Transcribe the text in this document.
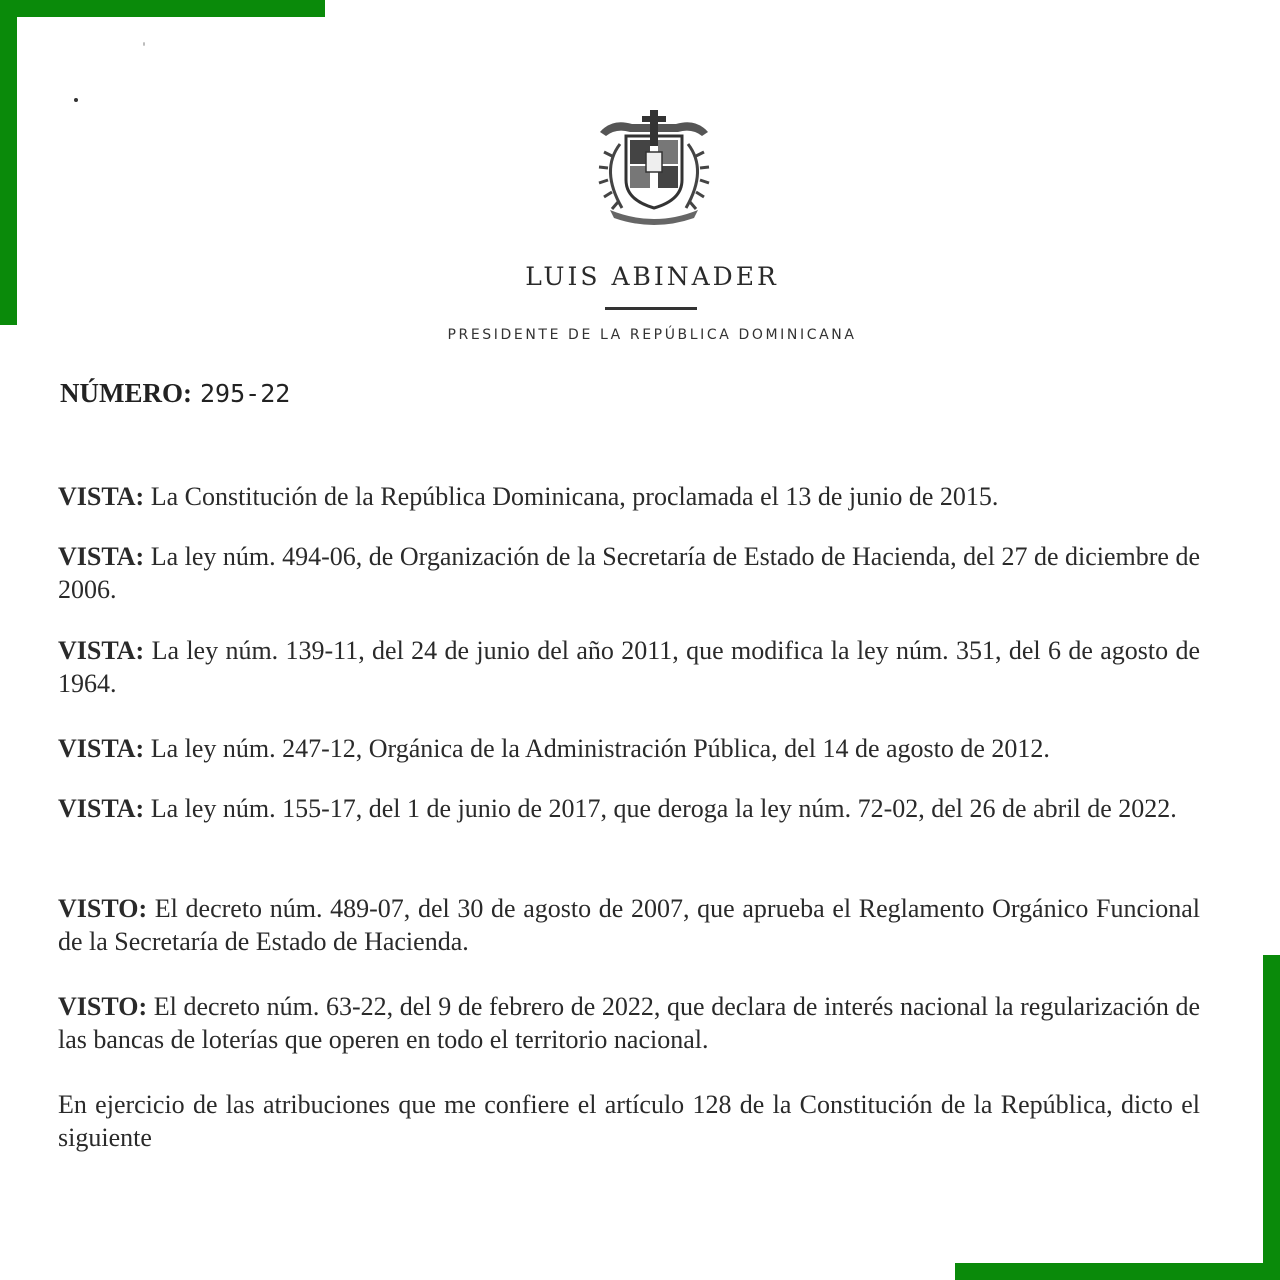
LUIS ABINADER
PRESIDENTE DE LA REPÚBLICA DOMINICANA
NÚMERO: 295-22
VISTA: La Constitución de la República Dominicana, proclamada el 13 de junio de 2015.
VISTA: La ley núm. 494-06, de Organización de la Secretaría de Estado de Hacienda, del 27 de diciembre de 2006.
VISTA: La ley núm. 139-11, del 24 de junio del año 2011, que modifica la ley núm. 351, del 6 de agosto de 1964.
VISTA: La ley núm. 247-12, Orgánica de la Administración Pública, del 14 de agosto de 2012.
VISTA: La ley núm. 155-17, del 1 de junio de 2017, que deroga la ley núm. 72-02, del 26 de abril de 2022.
VISTO: El decreto núm. 489-07, del 30 de agosto de 2007, que aprueba el Reglamento Orgánico Funcional de la Secretaría de Estado de Hacienda.
VISTO: El decreto núm. 63-22, del 9 de febrero de 2022, que declara de interés nacional la regularización de las bancas de loterías que operen en todo el territorio nacional.
En ejercicio de las atribuciones que me confiere el artículo 128 de la Constitución de la República, dicto el siguiente
